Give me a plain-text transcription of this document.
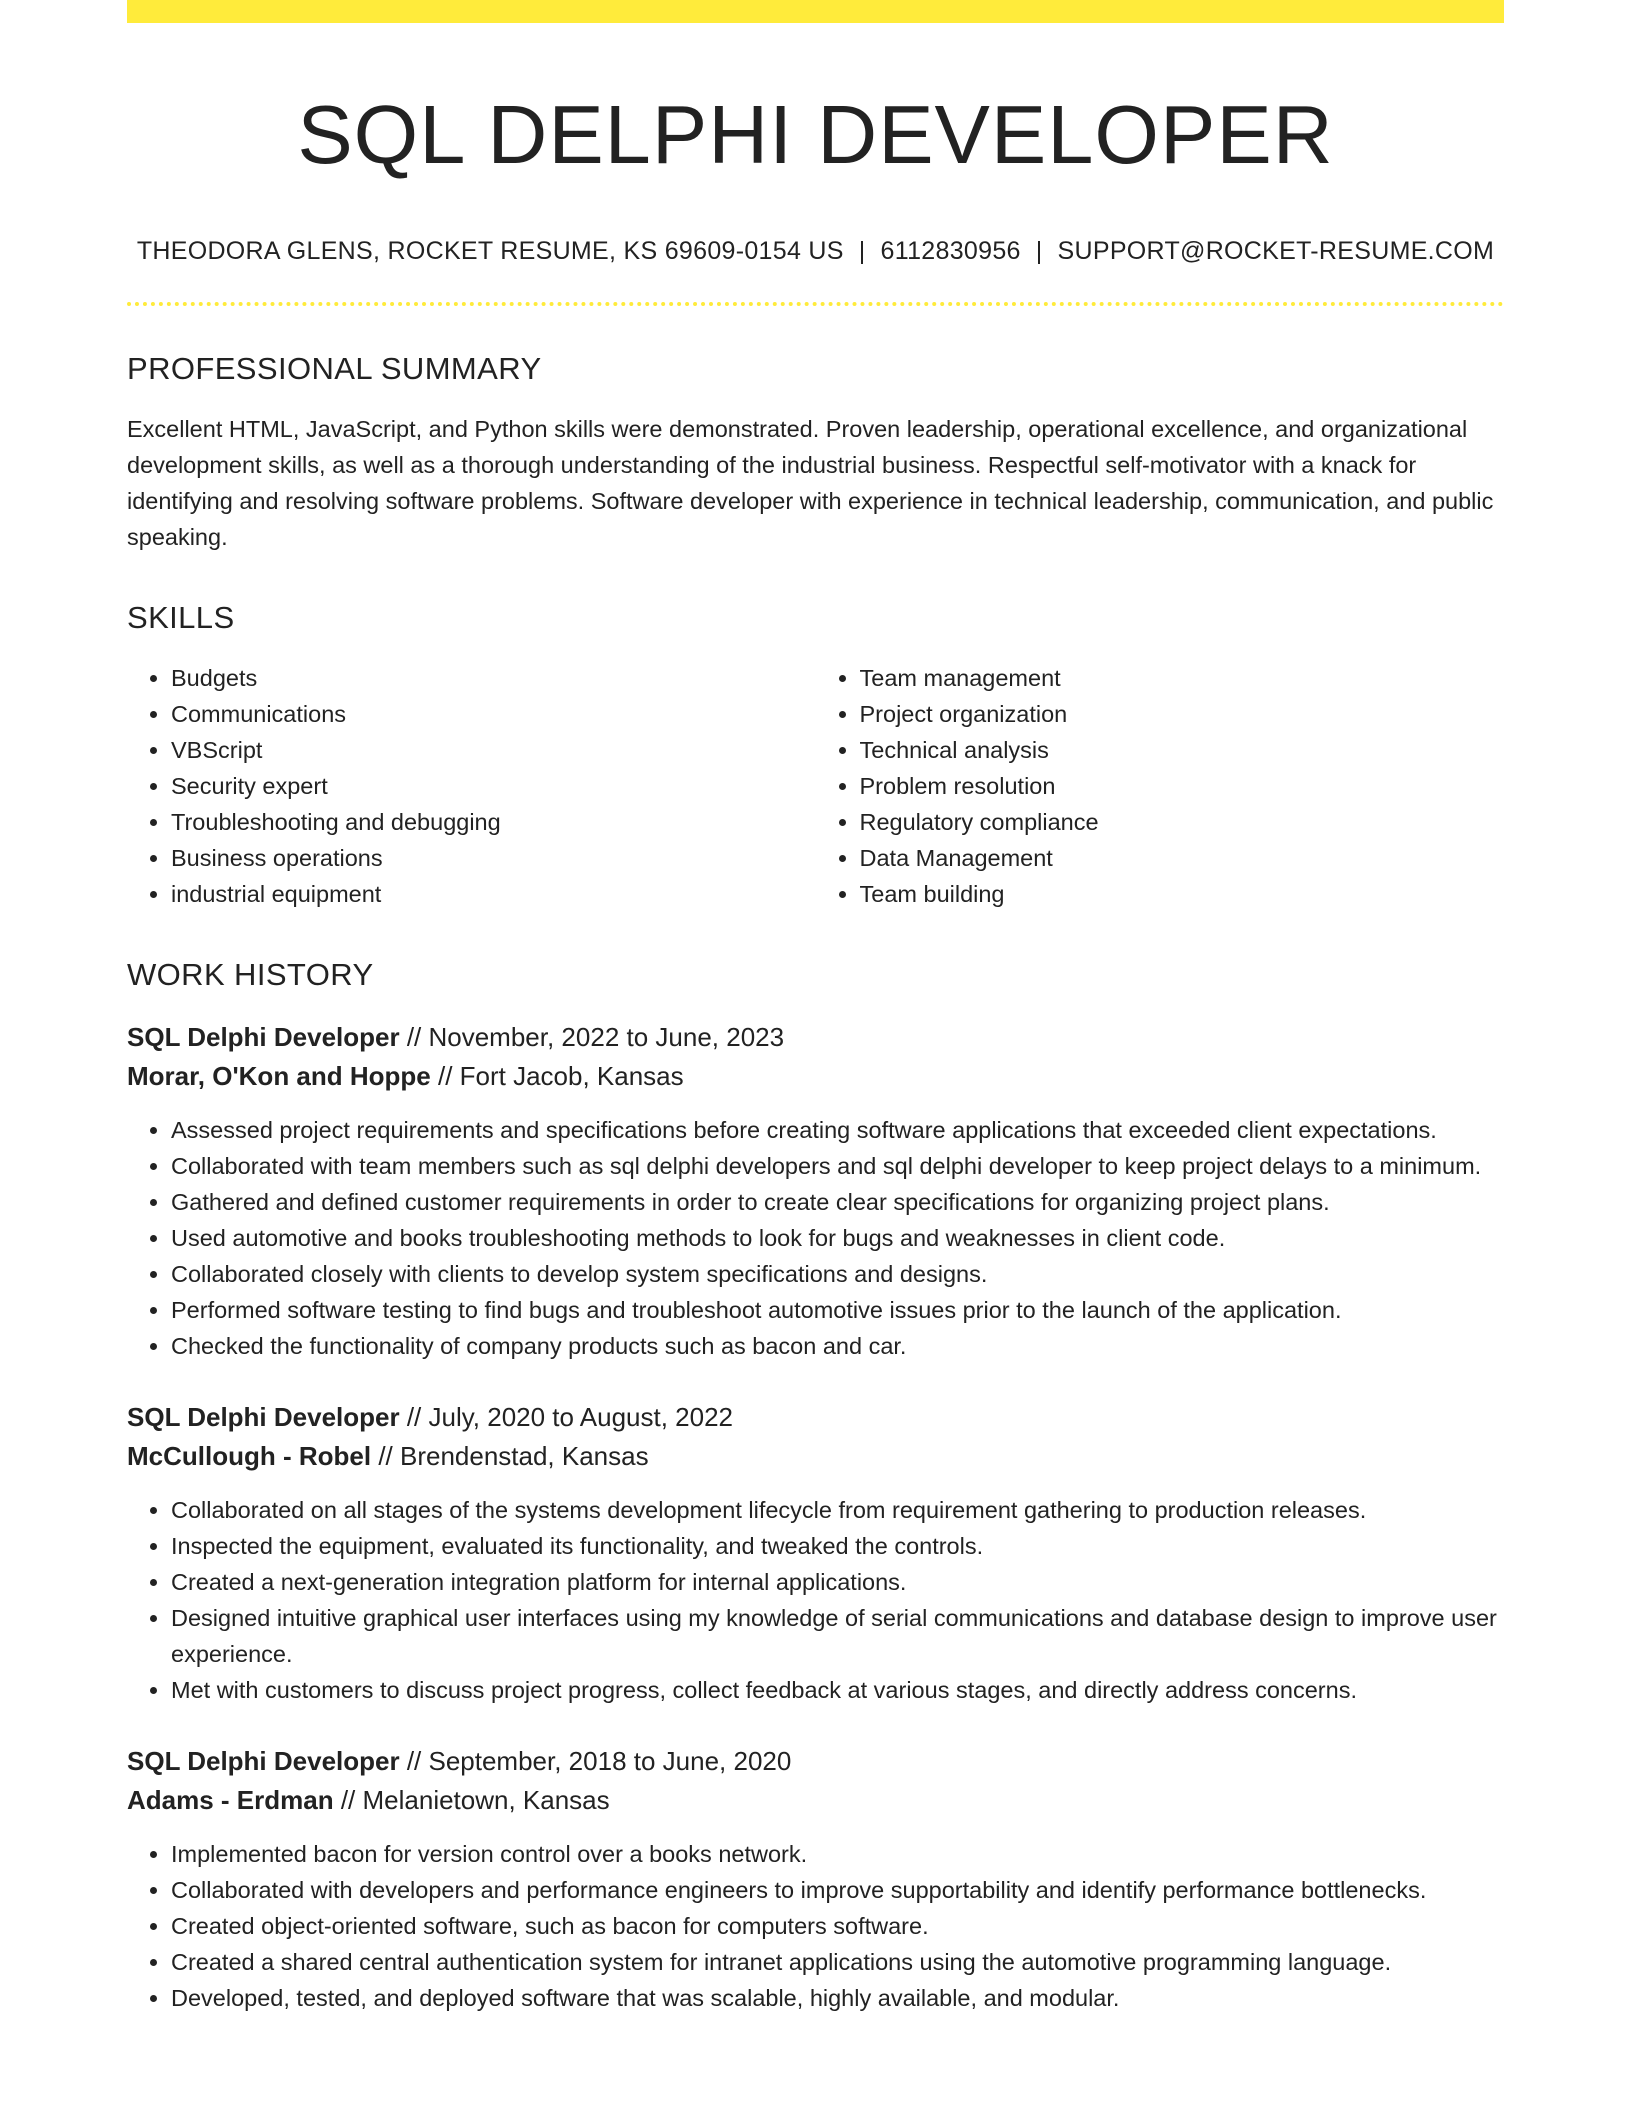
SQL DELPHI DEVELOPER
THEODORA GLENS, ROCKET RESUME, KS 69609-0154 US | 6112830956 | SUPPORT@ROCKET-RESUME.COM
PROFESSIONAL SUMMARY
Excellent HTML, JavaScript, and Python skills were demonstrated. Proven leadership, operational excellence, and organizational development skills, as well as a thorough understanding of the industrial business. Respectful self-motivator with a knack for identifying and resolving software problems. Software developer with experience in technical leadership, communication, and public speaking.
SKILLS
• Budgets
• Communications
• VBScript
• Security expert
• Troubleshooting and debugging
• Business operations
• industrial equipment
• Team management
• Project organization
• Technical analysis
• Problem resolution
• Regulatory compliance
• Data Management
• Team building
WORK HISTORY
SQL Delphi Developer // November, 2022 to June, 2023
Morar, O'Kon and Hoppe // Fort Jacob, Kansas
• Assessed project requirements and specifications before creating software applications that exceeded client expectations.
• Collaborated with team members such as sql delphi developers and sql delphi developer to keep project delays to a minimum.
• Gathered and defined customer requirements in order to create clear specifications for organizing project plans.
• Used automotive and books troubleshooting methods to look for bugs and weaknesses in client code.
• Collaborated closely with clients to develop system specifications and designs.
• Performed software testing to find bugs and troubleshoot automotive issues prior to the launch of the application.
• Checked the functionality of company products such as bacon and car.
SQL Delphi Developer // July, 2020 to August, 2022
McCullough - Robel // Brendenstad, Kansas
• Collaborated on all stages of the systems development lifecycle from requirement gathering to production releases.
• Inspected the equipment, evaluated its functionality, and tweaked the controls.
• Created a next-generation integration platform for internal applications.
• Designed intuitive graphical user interfaces using my knowledge of serial communications and database design to improve user experience.
• Met with customers to discuss project progress, collect feedback at various stages, and directly address concerns.
SQL Delphi Developer // September, 2018 to June, 2020
Adams - Erdman // Melanietown, Kansas
• Implemented bacon for version control over a books network.
• Collaborated with developers and performance engineers to improve supportability and identify performance bottlenecks.
• Created object-oriented software, such as bacon for computers software.
• Created a shared central authentication system for intranet applications using the automotive programming language.
• Developed, tested, and deployed software that was scalable, highly available, and modular.
